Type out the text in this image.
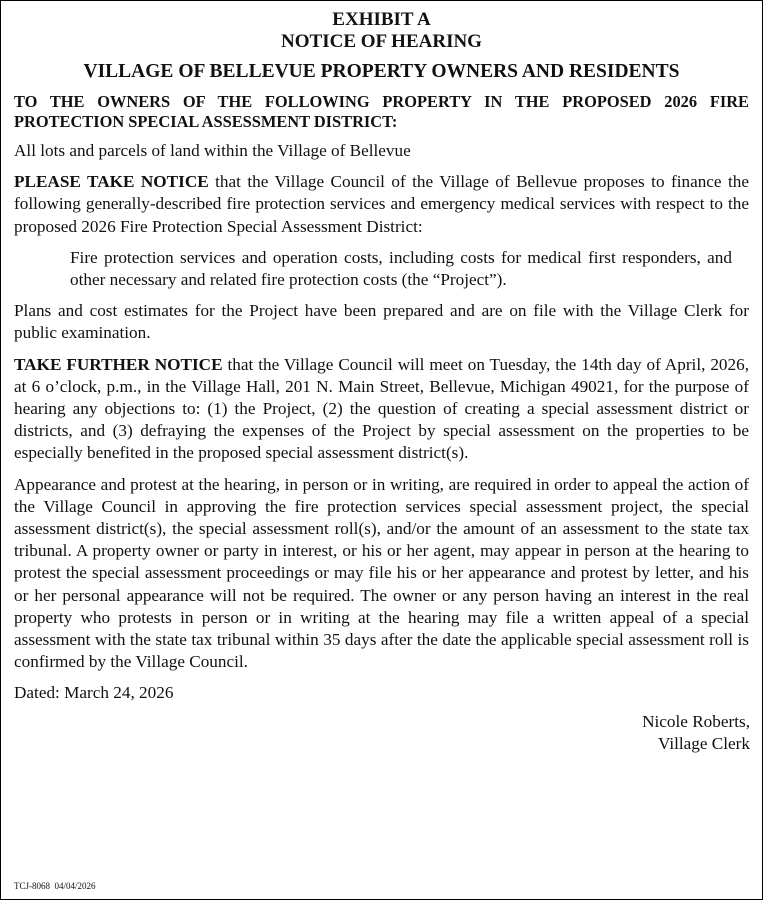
EXHIBIT A
NOTICE OF HEARING
VILLAGE OF BELLEVUE PROPERTY OWNERS AND RESIDENTS
TO THE OWNERS OF THE FOLLOWING PROPERTY IN THE PROPOSED 2026 FIRE PROTECTION SPECIAL ASSESSMENT DISTRICT:

All lots and parcels of land within the Village of Bellevue

PLEASE TAKE NOTICE that the Village Council of the Village of Bellevue proposes to finance the following generally-described fire protection services and emergency medical services with respect to the proposed 2026 Fire Protection Special Assessment District:

Fire protection services and operation costs, including costs for medical first responders, and other necessary and related fire protection costs (the “Project”).

Plans and cost estimates for the Project have been prepared and are on file with the Village Clerk for public examination.

TAKE FURTHER NOTICE that the Village Council will meet on Tuesday, the 14th day of April, 2026, at 6 o’clock, p.m., in the Village Hall, 201 N. Main Street, Bellevue, Michigan 49021, for the purpose of hearing any objections to: (1) the Project, (2) the question of creating a special assessment district or districts, and (3) defraying the expenses of the Project by special assessment on the properties to be especially benefited in the proposed special assessment district(s).

Appearance and protest at the hearing, in person or in writing, are required in order to appeal the action of the Village Council in approving the fire protection services special assessment project, the special assessment district(s), the special assessment roll(s), and/​or the amount of an assessment to the state tax tribunal. A property owner or party in interest, or his or her agent, may appear in person at the hearing to protest the special assessment proceedings or may file his or her appearance and protest by letter, and his or her personal appearance will not be required. The owner or any person having an interest in the real property who protests in person or in writing at the hearing may file a written appeal of a special assessment with the state tax tribunal within 35 days after the date the applicable special assessment roll is confirmed by the Village Council.

Dated: March 24, 2026

Nicole Roberts,
Village Clerk
TCJ-8068  04/04/2026
